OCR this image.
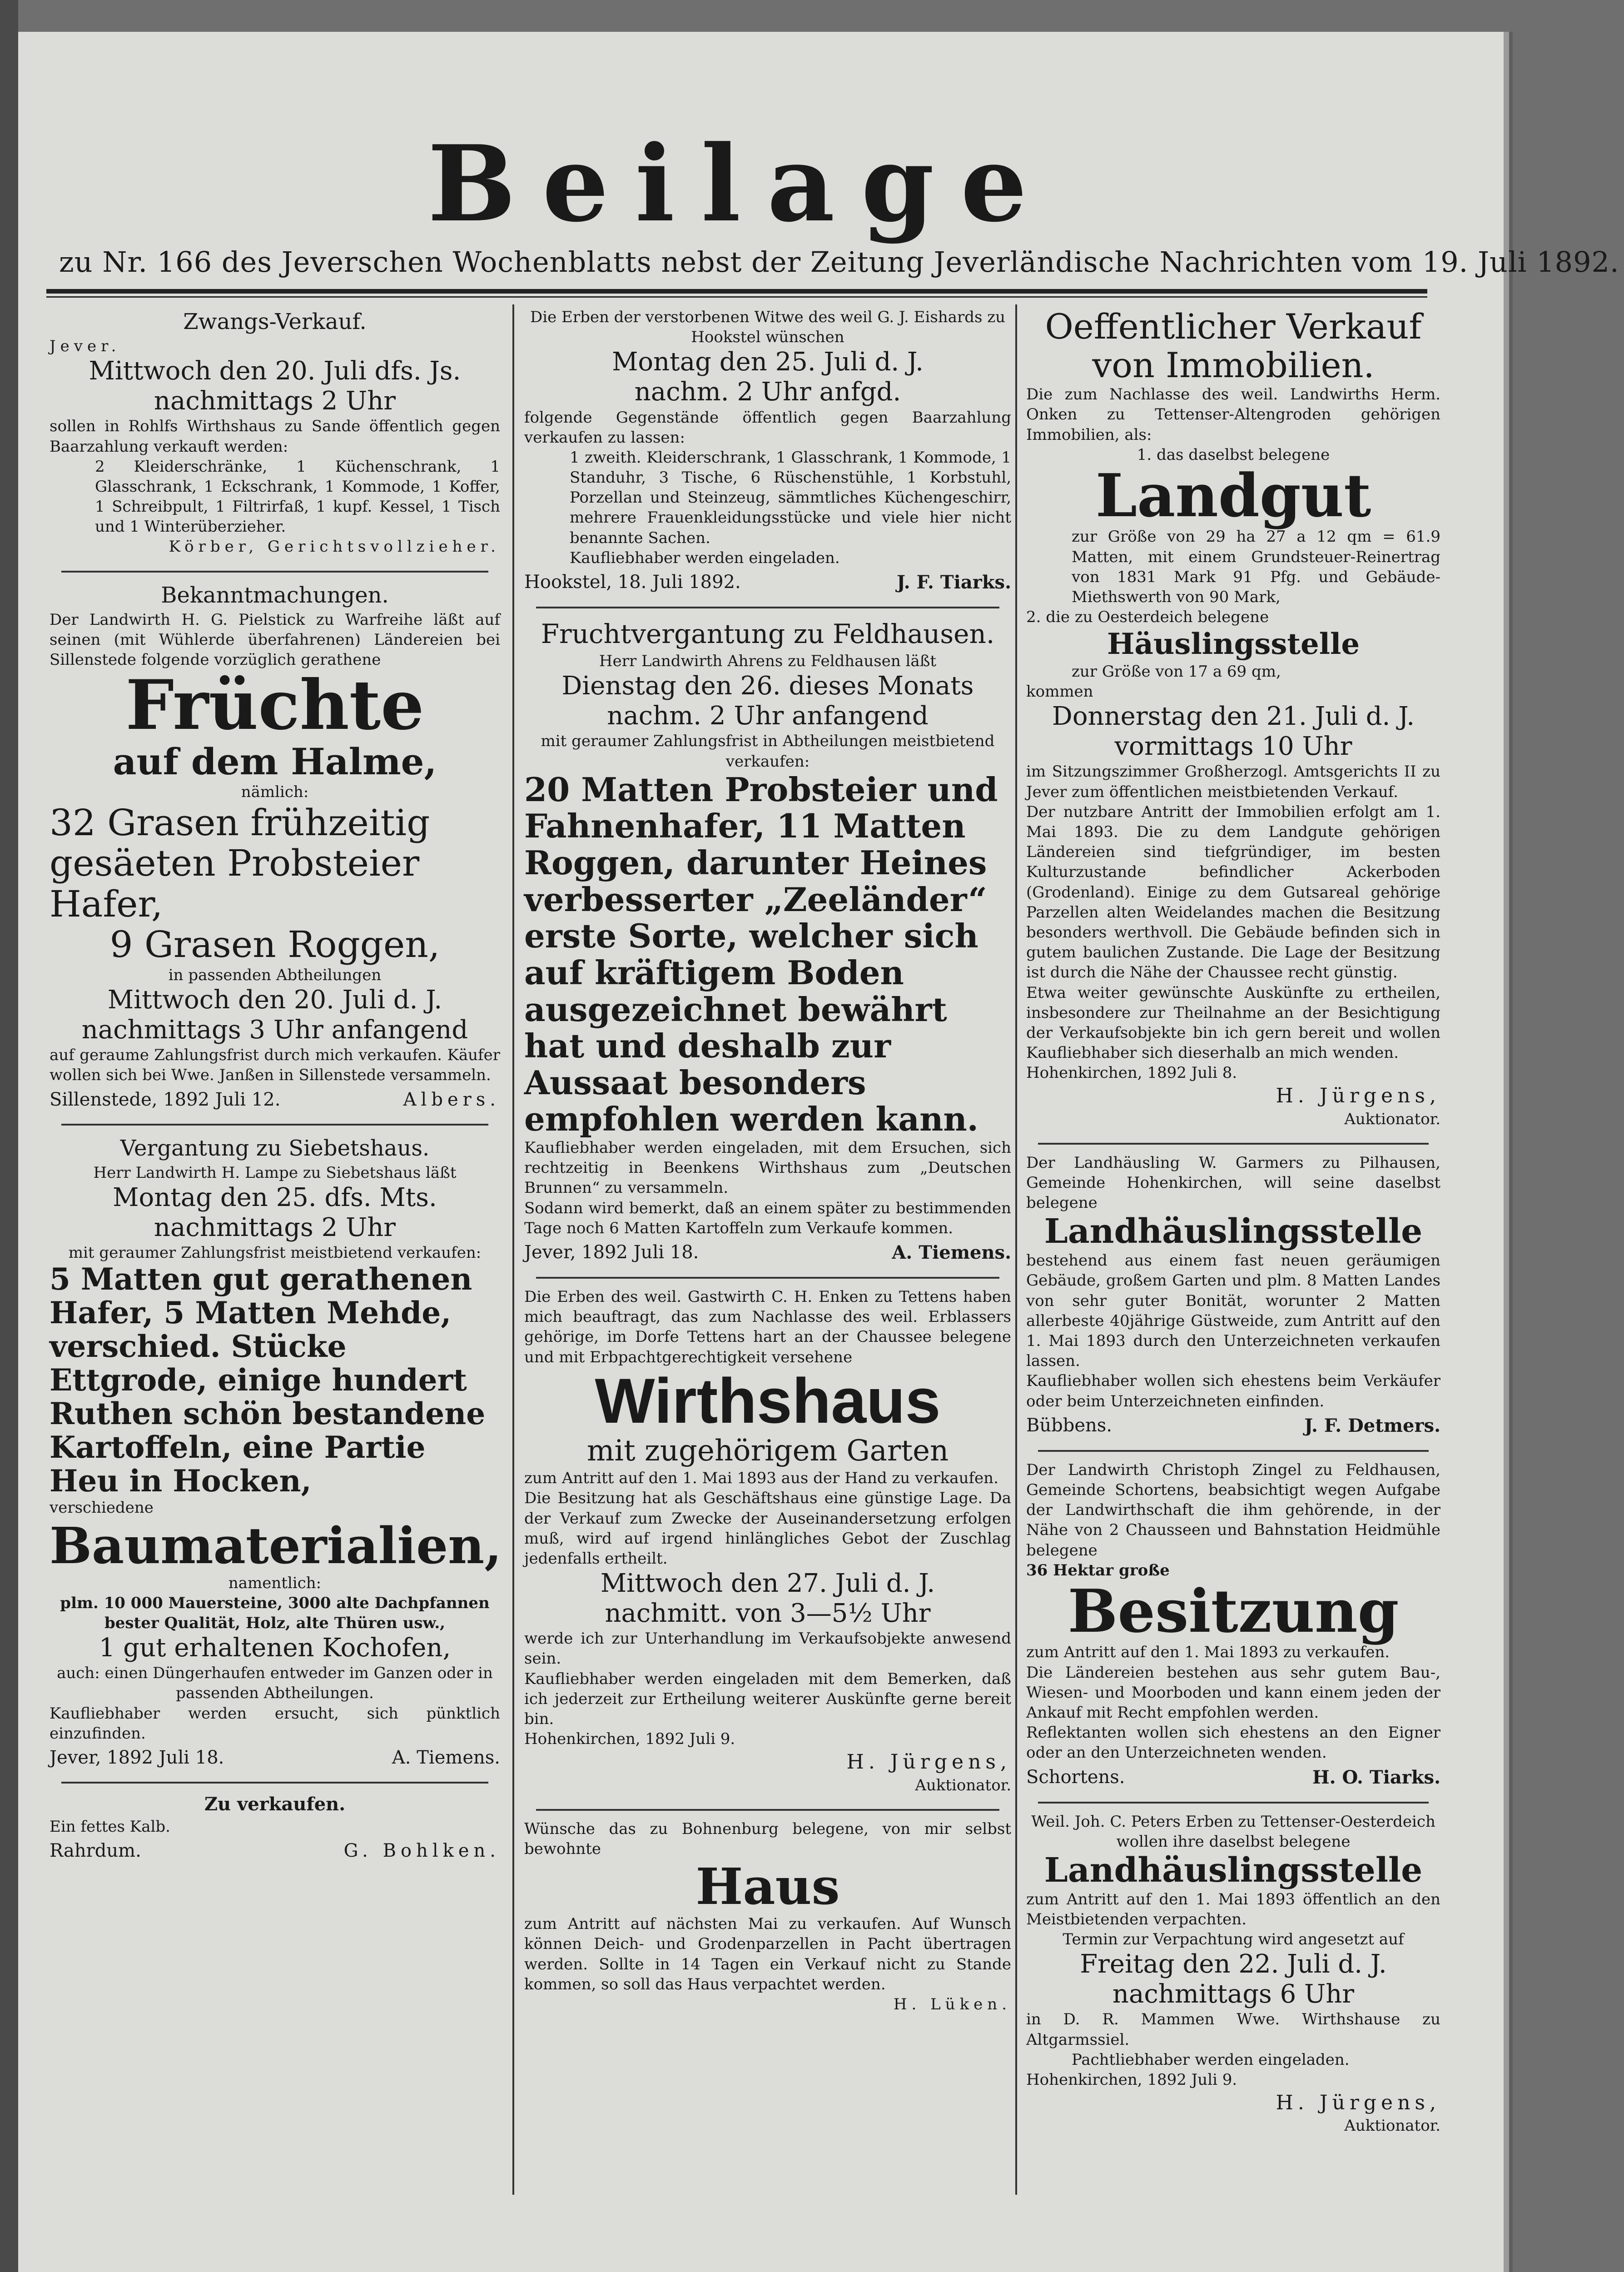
Beilage
zu Nr. 166 des Jeverschen Wochenblatts nebst der Zeitung Jeverländische Nachrichten vom 19. Juli 1892.
Zwangs-Verkauf.

Jever.

Mittwoch den 20. Juli dfs. Js.

nachmittags 2 Uhr

sollen in Rohlfs Wirthshaus zu Sande öffentlich gegen Baarzahlung verkauft werden:

2 Kleiderschränke, 1 Küchenschrank, 1 Glasschrank, 1 Eckschrank, 1 Kommode, 1 Koffer, 1 Schreibpult, 1 Filtrirfaß, 1 kupf. Kessel, 1 Tisch und 1 Winterüberzieher.

Körber, Gerichtsvollzieher.

Bekanntmachungen.

Der Landwirth H. G. Pielstick zu Warfreihe läßt auf seinen (mit Wühlerde überfahrenen) Ländereien bei Sillenstede folgende vorzüglich gerathene

Früchte

auf dem Halme,

nämlich:

32 Grasen frühzeitig gesäeten Probsteier Hafer,

9 Grasen Roggen,

in passenden Abtheilungen

Mittwoch den 20. Juli d. J.

nachmittags 3 Uhr anfangend

auf geraume Zahlungsfrist durch mich verkaufen. Käufer wollen sich bei Wwe. Janßen in Sillenstede versammeln.

Sillenstede, 1892 Juli 12.	Albers.
Vergantung zu Siebetshaus.

Herr Landwirth H. Lampe zu Siebetshaus läßt

Montag den 25. dfs. Mts.

nachmittags 2 Uhr

mit geraumer Zahlungsfrist meistbietend verkaufen:

5 Matten gut gerathenen Hafer, 5 Matten Mehde, verschied. Stücke Ettgrode, einige hundert Ruthen schön bestandene Kartoffeln, eine Partie Heu in Hocken,

verschiedene

Baumaterialien,

namentlich:

plm. 10 000 Mauersteine, 3000 alte Dachpfannen bester Qualität, Holz, alte Thüren usw.,

1 gut erhaltenen Kochofen,

auch: einen Düngerhaufen entweder im Ganzen oder in passenden Abtheilungen.

Kaufliebhaber werden ersucht, sich pünktlich einzufinden.

Jever, 1892 Juli 18.	A. Tiemens.
Zu verkaufen.

Ein fettes Kalb.

Rahrdum.	G. Bohlken.

Die Erben der verstorbenen Witwe des weil G. J. Eishards zu Hookstel wünschen

Montag den 25. Juli d. J.

nachm. 2 Uhr anfgd.

folgende Gegenstände öffentlich gegen Baarzahlung verkaufen zu lassen:

1 zweith. Kleiderschrank, 1 Glasschrank, 1 Kommode, 1 Standuhr, 3 Tische, 6 Rüschenstühle, 1 Korbstuhl, Porzellan und Steinzeug, sämmtliches Küchengeschirr, mehrere Frauenkleidungsstücke und viele hier nicht benannte Sachen.

Kaufliebhaber werden eingeladen.

Hookstel, 18. Juli 1892.	J. F. Tiarks.
Fruchtvergantung zu Feldhausen.

Herr Landwirth Ahrens zu Feldhausen läßt

Dienstag den 26. dieses Monats

nachm. 2 Uhr anfangend

mit geraumer Zahlungsfrist in Abtheilungen meistbietend verkaufen:

20 Matten Probsteier und Fahnenhafer, 11 Matten Roggen, darunter Heines verbesserter „Zeeländer“ erste Sorte, welcher sich auf kräftigem Boden ausgezeichnet bewährt hat und deshalb zur Aussaat besonders empfohlen werden kann.

Kaufliebhaber werden eingeladen, mit dem Ersuchen, sich rechtzeitig in Beenkens Wirthshaus zum „Deutschen Brunnen“ zu versammeln.

Sodann wird bemerkt, daß an einem später zu bestimmenden Tage noch 6 Matten Kartoffeln zum Verkaufe kommen.

Jever, 1892 Juli 18.	A. Tiemens.

Die Erben des weil. Gastwirth C. H. Enken zu Tettens haben mich beauftragt, das zum Nachlasse des weil. Erblassers gehörige, im Dorfe Tettens hart an der Chaussee belegene und mit Erbpachtgerechtigkeit versehene

Wirthshaus

mit zugehörigem Garten

zum Antritt auf den 1. Mai 1893 aus der Hand zu verkaufen.

Die Besitzung hat als Geschäftshaus eine günstige Lage. Da der Verkauf zum Zwecke der Auseinandersetzung erfolgen muß, wird auf irgend hinlängliches Gebot der Zuschlag jedenfalls ertheilt.

Mittwoch den 27. Juli d. J.

nachmitt. von 3—5½ Uhr

werde ich zur Unterhandlung im Verkaufsobjekte anwesend sein.

Kaufliebhaber werden eingeladen mit dem Bemerken, daß ich jederzeit zur Ertheilung weiterer Auskünfte gerne bereit bin.

Hohenkirchen, 1892 Juli 9.

H. Jürgens,

Auktionator.

Wünsche das zu Bohnenburg belegene, von mir selbst bewohnte

Haus

zum Antritt auf nächsten Mai zu verkaufen. Auf Wunsch können Deich- und Grodenparzellen in Pacht übertragen werden. Sollte in 14 Tagen ein Verkauf nicht zu Stande kommen, so soll das Haus verpachtet werden.

H. Lüken.

Oeffentlicher Verkauf

von Immobilien.

Die zum Nachlasse des weil. Landwirths Herm. Onken zu Tettenser-Altengroden gehörigen Immobilien, als:

1. das daselbst belegene

Landgut

zur Größe von 29 ha 27 a 12 qm = 61.9 Matten, mit einem Grundsteuer-Reinertrag von 1831 Mark 91 Pfg. und Gebäude-Miethswerth von 90 Mark,

2. die zu Oesterdeich belegene

Häuslingsstelle

zur Größe von 17 a 69 qm,

kommen

Donnerstag den 21. Juli d. J.

vormittags 10 Uhr

im Sitzungszimmer Großherzogl. Amtsgerichts II zu Jever zum öffentlichen meistbietenden Verkauf.

Der nutzbare Antritt der Immobilien erfolgt am 1. Mai 1893. Die zu dem Landgute gehörigen Ländereien sind tiefgründiger, im besten Kulturzustande befindlicher Ackerboden (Grodenland). Einige zu dem Gutsareal gehörige Parzellen alten Weidelandes machen die Besitzung besonders werthvoll. Die Gebäude befinden sich in gutem baulichen Zustande. Die Lage der Besitzung ist durch die Nähe der Chaussee recht günstig.

Etwa weiter gewünschte Auskünfte zu ertheilen, insbesondere zur Theilnahme an der Besichtigung der Verkaufsobjekte bin ich gern bereit und wollen Kaufliebhaber sich dieserhalb an mich wenden.

Hohenkirchen, 1892 Juli 8.

H. Jürgens,

Auktionator.

Der Landhäusling W. Garmers zu Pilhausen, Gemeinde Hohenkirchen, will seine daselbst belegene

Landhäuslingsstelle

bestehend aus einem fast neuen geräumigen Gebäude, großem Garten und plm. 8 Matten Landes von sehr guter Bonität, worunter 2 Matten allerbeste 40jährige Güstweide, zum Antritt auf den 1. Mai 1893 durch den Unterzeichneten verkaufen lassen.

Kaufliebhaber wollen sich ehestens beim Verkäufer oder beim Unterzeichneten einfinden.

Bübbens.	J. F. Detmers.

Der Landwirth Christoph Zingel zu Feldhausen, Gemeinde Schortens, beabsichtigt wegen Aufgabe der Landwirthschaft die ihm gehörende, in der Nähe von 2 Chausseen und Bahnstation Heidmühle belegene

36 Hektar große

Besitzung

zum Antritt auf den 1. Mai 1893 zu verkaufen.

Die Ländereien bestehen aus sehr gutem Bau-, Wiesen- und Moorboden und kann einem jeden der Ankauf mit Recht empfohlen werden.

Reflektanten wollen sich ehestens an den Eigner oder an den Unterzeichneten wenden.

Schortens.	H. O. Tiarks.

Weil. Joh. C. Peters Erben zu Tettenser-Oesterdeich wollen ihre daselbst belegene

Landhäuslingsstelle

zum Antritt auf den 1. Mai 1893 öffentlich an den Meistbietenden verpachten.

Termin zur Verpachtung wird angesetzt auf

Freitag den 22. Juli d. J.

nachmittags 6 Uhr

in D. R. Mammen Wwe. Wirthshause zu Altgarmssiel.

Pachtliebhaber werden eingeladen.

Hohenkirchen, 1892 Juli 9.

H. Jürgens,

Auktionator.
